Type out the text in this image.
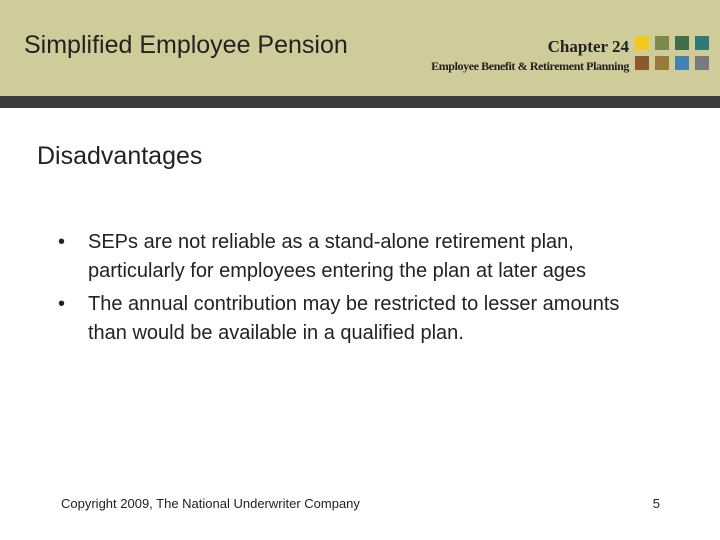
Simplified Employee Pension	Chapter 24
Employee Benefit & Retirement Planning
Disadvantages
•	SEPs are not reliable as a stand-alone retirement plan, particularly for employees entering the plan at later ages
•	The annual contribution may be restricted to lesser amounts than would be available in a qualified plan.
Copyright 2009, The National Underwriter Company	5
